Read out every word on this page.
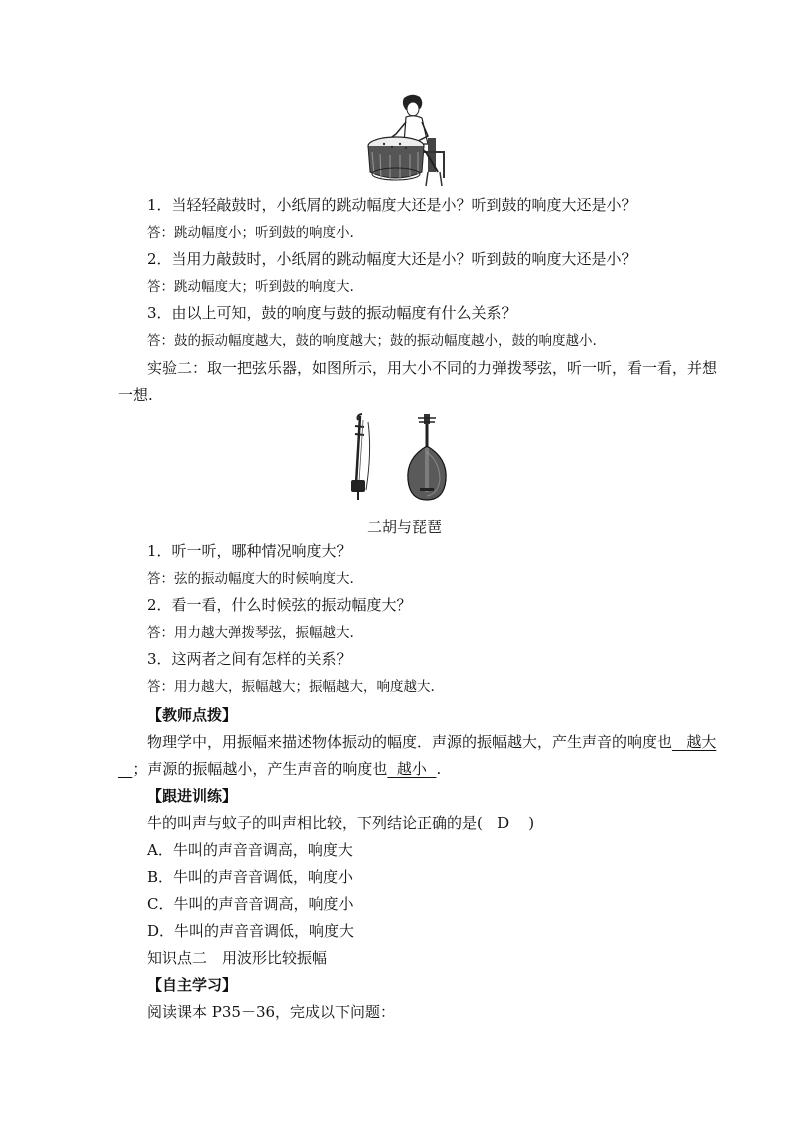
1．当轻轻敲鼓时，小纸屑的跳动幅度大还是小？听到鼓的响度大还是小？
答：跳动幅度小；听到鼓的响度小.
2．当用力敲鼓时，小纸屑的跳动幅度大还是小？听到鼓的响度大还是小？
答：跳动幅度大；听到鼓的响度大.
3．由以上可知，鼓的响度与鼓的振动幅度有什么关系？
答：鼓的振动幅度越大，鼓的响度越大；鼓的振动幅度越小，鼓的响度越小.
实验二：取一把弦乐器，如图所示，用大小不同的力弹拨琴弦，听一听，看一看，并想
一想.
二胡与琵琶
1．听一听，哪种情况响度大？
答：弦的振动幅度大的时候响度大.
2．看一看，什么时候弦的振动幅度大？
答：用力越大弹拨琴弦，振幅越大.
3．这两者之间有怎样的关系？
答：用力越大，振幅越大；振幅越大，响度越大.
【教师点拨】
物理学中，用振幅来描述物体振动的幅度．声源的振幅越大，产生声音的响度也 越大
；声源的振幅越小，产生声音的响度也 越小 .
【跟进训练】
牛的叫声与蚊子的叫声相比较，下列结论正确的是( D )
A．牛叫的声音音调高，响度大
B．牛叫的声音音调低，响度小
C．牛叫的声音音调高，响度小
D．牛叫的声音音调低，响度大
知识点二　用波形比较振幅
【自主学习】
阅读课本 P35－36，完成以下问题：
